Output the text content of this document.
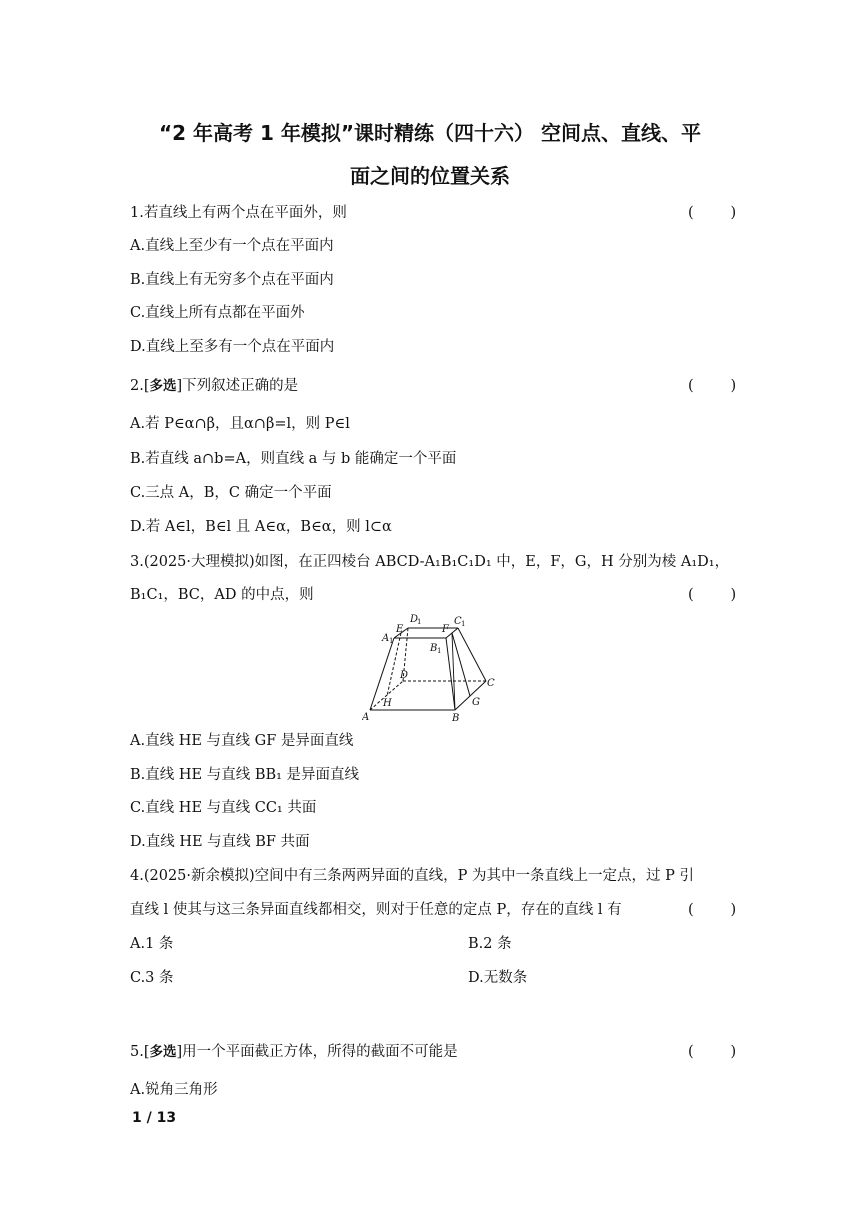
“2 年高考 1 年模拟”课时精练（四十六） 空间点、直线、平
面之间的位置关系
1.若直线上有两个点在平面外，则	(        )
A.直线上至少有一个点在平面内
B.直线上有无穷多个点在平面内
C.直线上所有点都在平面外
D.直线上至多有一个点在平面内
2.[多选]下列叙述正确的是	(        )
A.若 P∈α∩β，且α∩β=l，则 P∈l
B.若直线 a∩b=A，则直线 a 与 b 能确定一个平面
C.三点 A，B，C 确定一个平面
D.若 A∈l，B∈l 且 A∈α，B∈α，则 l⊂α
3.(2025·大理模拟)如图，在正四棱台 ABCD-A₁B₁C₁D₁ 中，E，F，G，H 分别为棱 A₁D₁，
B₁C₁，BC，AD 的中点，则	(        )
A	B
C
D
G
H
E	F
A 1
B 1
C 1
D
1
A.直线 HE 与直线 GF 是异面直线
B.直线 HE 与直线 BB₁ 是异面直线
C.直线 HE 与直线 CC₁ 共面
D.直线 HE 与直线 BF 共面
4.(2025·新余模拟)空间中有三条两两异面的直线，P 为其中一条直线上一定点，过 P 引
直线 l 使其与这三条异面直线都相交，则对于任意的定点 P，存在的直线 l 有	(        )
A.1 条	B.2 条
C.3 条	D.无数条
5.[多选]用一个平面截正方体，所得的截面不可能是	(        )
A.锐角三角形
1 / 13
